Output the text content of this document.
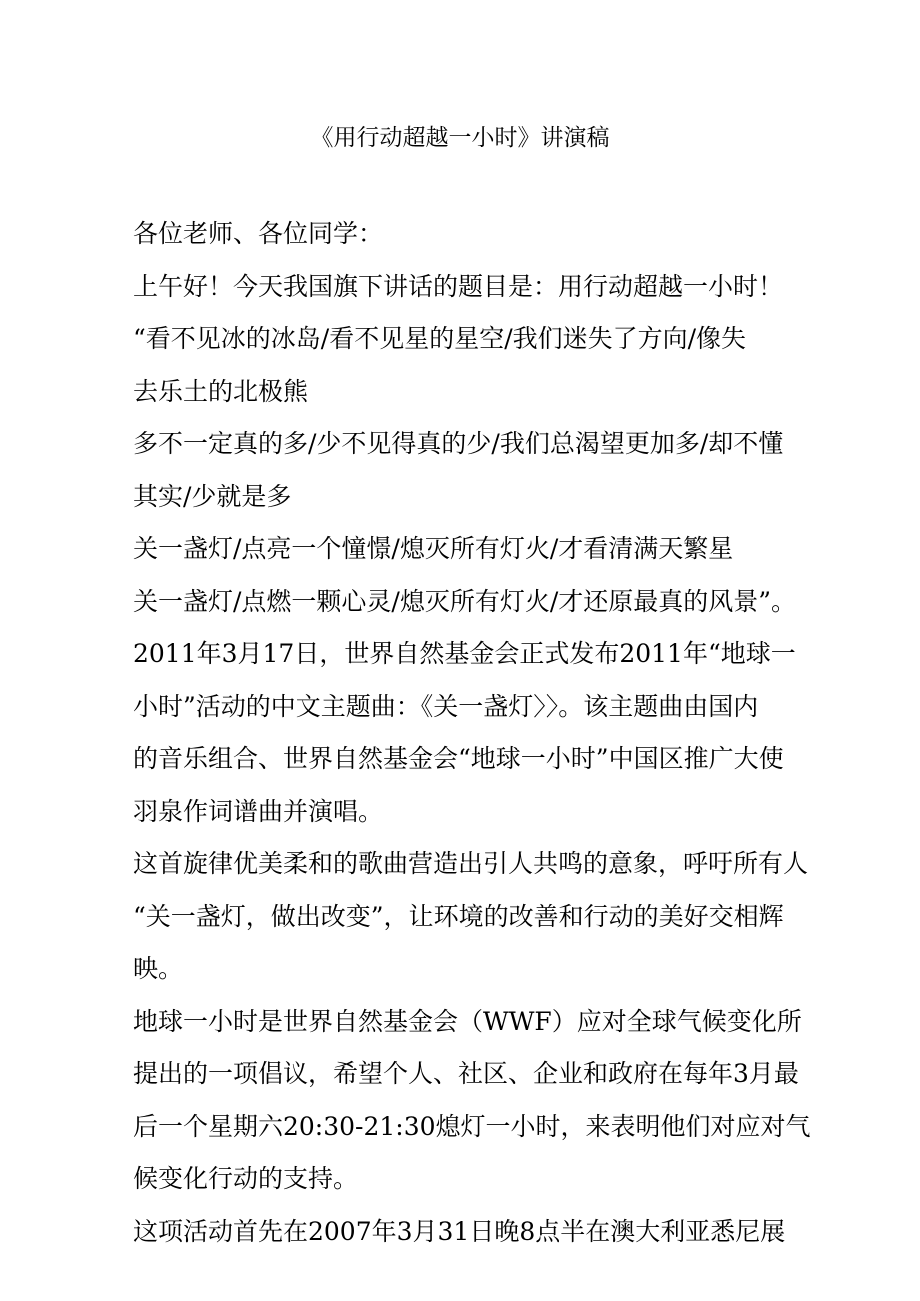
《用行动超越一小时》讲演稿
各位老师、各位同学：
上午好！今天我国旗下讲话的题目是：用行动超越一小时！
“看不见冰的冰岛/看不见星的星空/我们迷失了方向/像失
去乐土的北极熊
多不一定真的多/少不见得真的少/我们总渴望更加多/却不懂
其实/少就是多
关一盏灯/点亮一个憧憬/熄灭所有灯火/才看清满天繁星
关一盏灯/点燃一颗心灵/熄灭所有灯火/才还原最真的风景”。
2011年3月17日，世界自然基金会正式发布2011年“地球一
小时”活动的中文主题曲：《关一盏灯〉〉。该主题曲由国内
的音乐组合、世界自然基金会“地球一小时”中国区推广大使
羽泉作词谱曲并演唱。
这首旋律优美柔和的歌曲营造出引人共鸣的意象，呼吁所有人
“关一盏灯，做出改变”，让环境的改善和行动的美好交相辉
映。
地球一小时是世界自然基金会（WWF）应对全球气候变化所
提出的一项倡议，希望个人、社区、企业和政府在每年3月最
后一个星期六20:30-21:30熄灯一小时，来表明他们对应对气
候变化行动的支持。
这项活动首先在2007年3月31日晚8点半在澳大利亚悉尼展
